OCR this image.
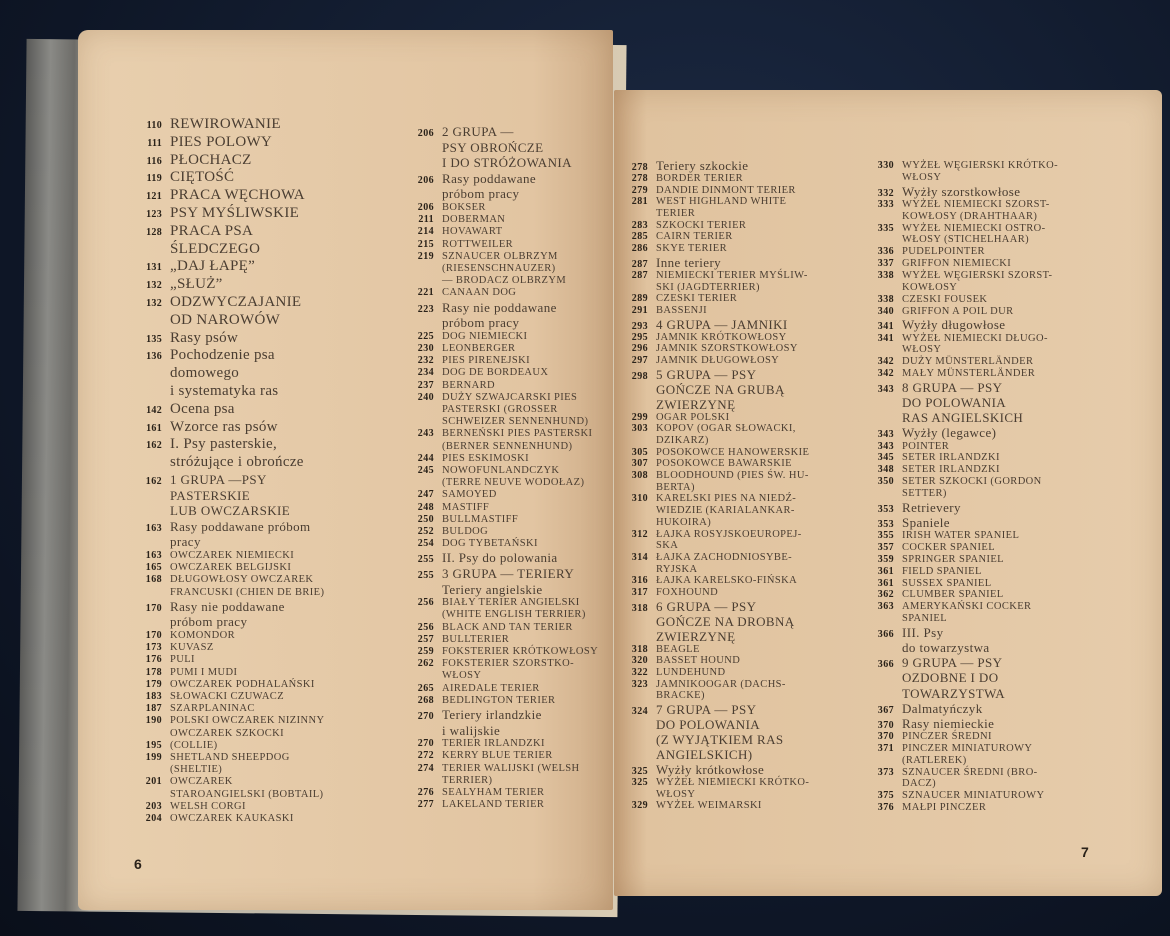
110 REWIROWANIE
111 PIES POLOWY
116 PŁOCHACZ
119 CIĘTOŚĆ
121 PRACA WĘCHOWA
123 PSY MYŚLIWSKIE
128 PRACA PSA
ŚLEDCZEGO
131 „DAJ ŁAPĘ”
132 „SŁUŻ”
132 ODZWYCZAJANIE
OD NAROWÓW
135 Rasy psów
136 Pochodzenie psa
domowego
i systematyka ras
142 Ocena psa
161 Wzorce ras psów
162 I. Psy pasterskie,
stróżujące i obrończe
162 1 GRUPA —PSY
PASTERSKIE
LUB OWCZARSKIE
163 Rasy poddawane próbom
pracy
163 OWCZAREK NIEMIECKI
165 OWCZAREK BELGIJSKI
168 DŁUGOWŁOSY OWCZAREK
FRANCUSKI (CHIEN DE BRIE)
170 Rasy nie poddawane
próbom pracy
170 KOMONDOR
173 KUVASZ
176 PULI
178 PUMI I MUDI
179 OWCZAREK PODHALAŃSKI
183 SŁOWACKI CZUWACZ
187 SZARPLANINAC
190 POLSKI OWCZAREK NIZINNY
OWCZAREK SZKOCKI
195 (COLLIE)
199 SHETLAND SHEEPDOG
(SHELTIE)
201 OWCZAREK
STAROANGIELSKI (BOBTAIL)
203 WELSH CORGI
204 OWCZAREK KAUKASKI
206 2 GRUPA —
PSY OBROŃCZE
I DO STRÓŻOWANIA
206 Rasy poddawane
próbom pracy
206 BOKSER
211 DOBERMAN
214 HOVAWART
215 ROTTWEILER
219 SZNAUCER OLBRZYM
(RIESENSCHNAUZER)
— BRODACZ OLBRZYM
221 CANAAN DOG
223 Rasy nie poddawane
próbom pracy
225 DOG NIEMIECKI
230 LEONBERGER
232 PIES PIRENEJSKI
234 DOG DE BORDEAUX
237 BERNARD
240 DUŻY SZWAJCARSKI PIES
PASTERSKI (GROSSER
SCHWEIZER SENNENHUND)
243 BERNEŃSKI PIES PASTERSKI
(BERNER SENNENHUND)
244 PIES ESKIMOSKI
245 NOWOFUNLANDCZYK
(TERRE NEUVE WODOŁAZ)
247 SAMOYED
248 MASTIFF
250 BULLMASTIFF
252 BULDOG
254 DOG TYBETAŃSKI
255 II. Psy do polowania
255 3 GRUPA — TERIERY
Teriery angielskie
256 BIAŁY TERIER ANGIELSKI
(WHITE ENGLISH TERRIER)
256 BLACK AND TAN TERIER
257 BULLTERIER
259 FOKSTERIER KRÓTKOWŁOSY
262 FOKSTERIER SZORSTKO-
WŁOSY
265 AIREDALE TERIER
268 BEDLINGTON TERIER
270 Teriery irlandzkie
i walijskie
270 TERIER IRLANDZKI
272 KERRY BLUE TERIER
274 TERIER WALIJSKI (WELSH
TERRIER)
276 SEALYHAM TERIER
277 LAKELAND TERIER
6
278 Teriery szkockie
278 BORDER TERIER
279 DANDIE DINMONT TERIER
281 WEST HIGHLAND WHITE
TERIER
283 SZKOCKI TERIER
285 CAIRN TERIER
286 SKYE TERIER
287 Inne teriery
287 NIEMIECKI TERIER MYŚLIW-
SKI (JAGDTERRIER)
289 CZESKI TERIER
291 BASSENJI
293 4 GRUPA — JAMNIKI
295 JAMNIK KRÓTKOWŁOSY
296 JAMNIK SZORSTKOWŁOSY
297 JAMNIK DŁUGOWŁOSY
298 5 GRUPA — PSY
GOŃCZE NA GRUBĄ
ZWIERZYNĘ
299 OGAR POLSKI
303 KOPOV (OGAR SŁOWACKI,
DZIKARZ)
305 POSOKOWCE HANOWERSKIE
307 POSOKOWCE BAWARSKIE
308 BLOODHOUND (PIES ŚW. HU-
BERTA)
310 KARELSKI PIES NA NIEDŹ-
WIEDZIE (KARIALANKAR-
HUKOIRA)
312 ŁAJKA ROSYJSKOEUROPEJ-
SKA
314 ŁAJKA ZACHODNIOSYBE-
RYJSKA
316 ŁAJKA KARELSKO-FIŃSKA
317 FOXHOUND
318 6 GRUPA — PSY
GOŃCZE NA DROBNĄ
ZWIERZYNĘ
318 BEAGLE
320 BASSET HOUND
322 LUNDEHUND
323 JAMNIKOOGAR (DACHS-
BRACKE)
324 7 GRUPA — PSY
DO POLOWANIA
(Z WYJĄTKIEM RAS
ANGIELSKICH)
325 Wyżły krótkowłose
325 WYŻEŁ NIEMIECKI KRÓTKO-
WŁOSY
329 WYŻEŁ WEIMARSKI
330 WYŻEŁ WĘGIERSKI KRÓTKO-
WŁOSY
332 Wyżły szorstkowłose
333 WYŻEŁ NIEMIECKI SZORST-
KOWŁOSY (DRAHTHAAR)
335 WYŻEŁ NIEMIECKI OSTRO-
WŁOSY (STICHELHAAR)
336 PUDELPOINTER
337 GRIFFON NIEMIECKI
338 WYŻEŁ WĘGIERSKI SZORST-
KOWŁOSY
338 CZESKI FOUSEK
340 GRIFFON A POIL DUR
341 Wyżły długowłose
341 WYŻEŁ NIEMIECKI DŁUGO-
WŁOSY
342 DUŻY MÜNSTERLÄNDER
342 MAŁY MÜNSTERLÄNDER
343 8 GRUPA — PSY
DO POLOWANIA
RAS ANGIELSKICH
343 Wyżły (legawce)
343 POINTER
345 SETER IRLANDZKI
348 SETER IRLANDZKI
350 SETER SZKOCKI (GORDON
SETTER)
353 Retrievery
353 Spaniele
355 IRISH WATER SPANIEL
357 COCKER SPANIEL
359 SPRINGER SPANIEL
361 FIELD SPANIEL
361 SUSSEX SPANIEL
362 CLUMBER SPANIEL
363 AMERYKAŃSKI COCKER
SPANIEL
366 III. Psy
do towarzystwa
366 9 GRUPA — PSY
OZDOBNE I DO
TOWARZYSTWA
367 Dalmatyńczyk
370 Rasy niemieckie
370 PINCZER ŚREDNI
371 PINCZER MINIATUROWY
(RATLEREK)
373 SZNAUCER ŚREDNI (BRO-
DACZ)
375 SZNAUCER MINIATUROWY
376 MAŁPI PINCZER
7
